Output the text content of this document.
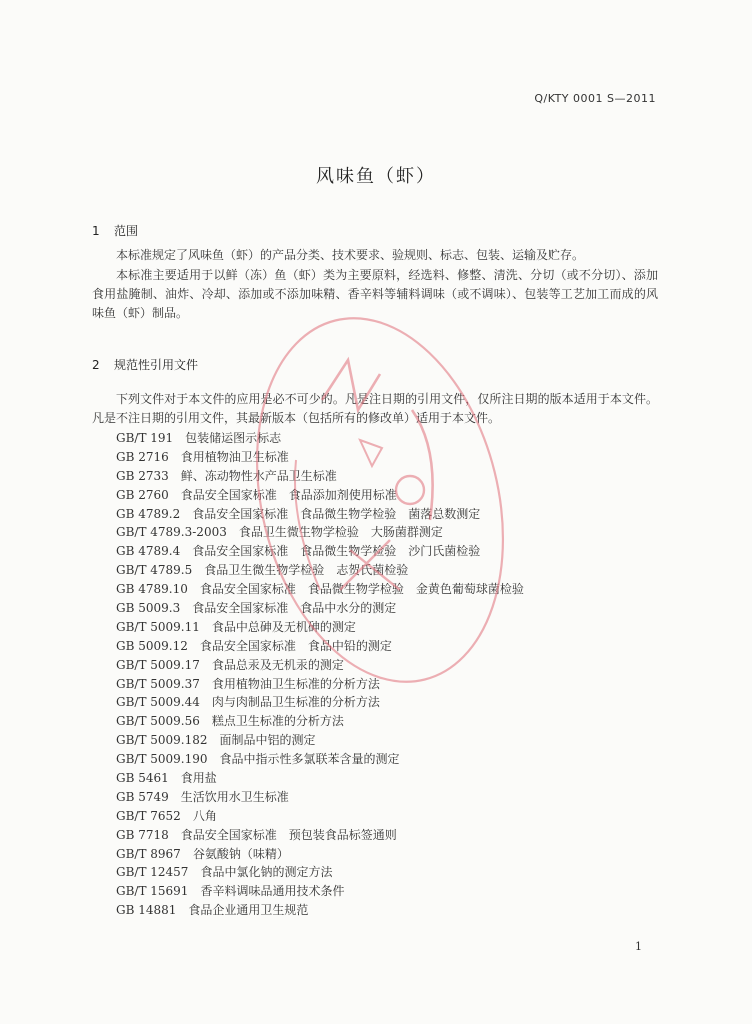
Q/KTY 0001 S—2011
风味鱼（虾）
1 范围

本标准规定了风味鱼（虾）的产品分类、技术要求、验规则、标志、包装、运输及贮存。

本标准主要适用于以鲜（冻）鱼（虾）类为主要原料，经选料、修整、清洗、分切（或不分切）、添加食用盐腌制、油炸、冷却、添加或不添加味精、香辛料等辅料调味（或不调味）、包装等工艺加工而成的风味鱼（虾）制品。

2 规范性引用文件

下列文件对于本文件的应用是必不可少的。凡是注日期的引用文件，仅所注日期的版本适用于本文件。凡是不注日期的引用文件，其最新版本（包括所有的修改单）适用于本文件。

GB/T 191 包装储运图示标志
GB 2716 食用植物油卫生标准
GB 2733 鲜、冻动物性水产品卫生标准
GB 2760 食品安全国家标准　食品添加剂使用标准
GB 4789.2 食品安全国家标准　食品微生物学检验　菌落总数测定
GB/T 4789.3-2003 食品卫生微生物学检验　大肠菌群测定
GB 4789.4 食品安全国家标准　食品微生物学检验　沙门氏菌检验
GB/T 4789.5 食品卫生微生物学检验　志贺氏菌检验
GB 4789.10 食品安全国家标准　食品微生物学检验　金黄色葡萄球菌检验
GB 5009.3 食品安全国家标准　食品中水分的测定
GB/T 5009.11 食品中总砷及无机砷的测定
GB 5009.12 食品安全国家标准　食品中铅的测定
GB/T 5009.17 食品总汞及无机汞的测定
GB/T 5009.37 食用植物油卫生标准的分析方法
GB/T 5009.44 肉与肉制品卫生标准的分析方法
GB/T 5009.56 糕点卫生标准的分析方法
GB/T 5009.182 面制品中铝的测定
GB/T 5009.190 食品中指示性多氯联苯含量的测定
GB 5461 食用盐
GB 5749 生活饮用水卫生标准
GB/T 7652 八角
GB 7718 食品安全国家标准　预包装食品标签通则
GB/T 8967 谷氨酸钠（味精）
GB/T 12457 食品中氯化钠的测定方法
GB/T 15691 香辛料调味品通用技术条件
GB 14881 食品企业通用卫生规范
1
